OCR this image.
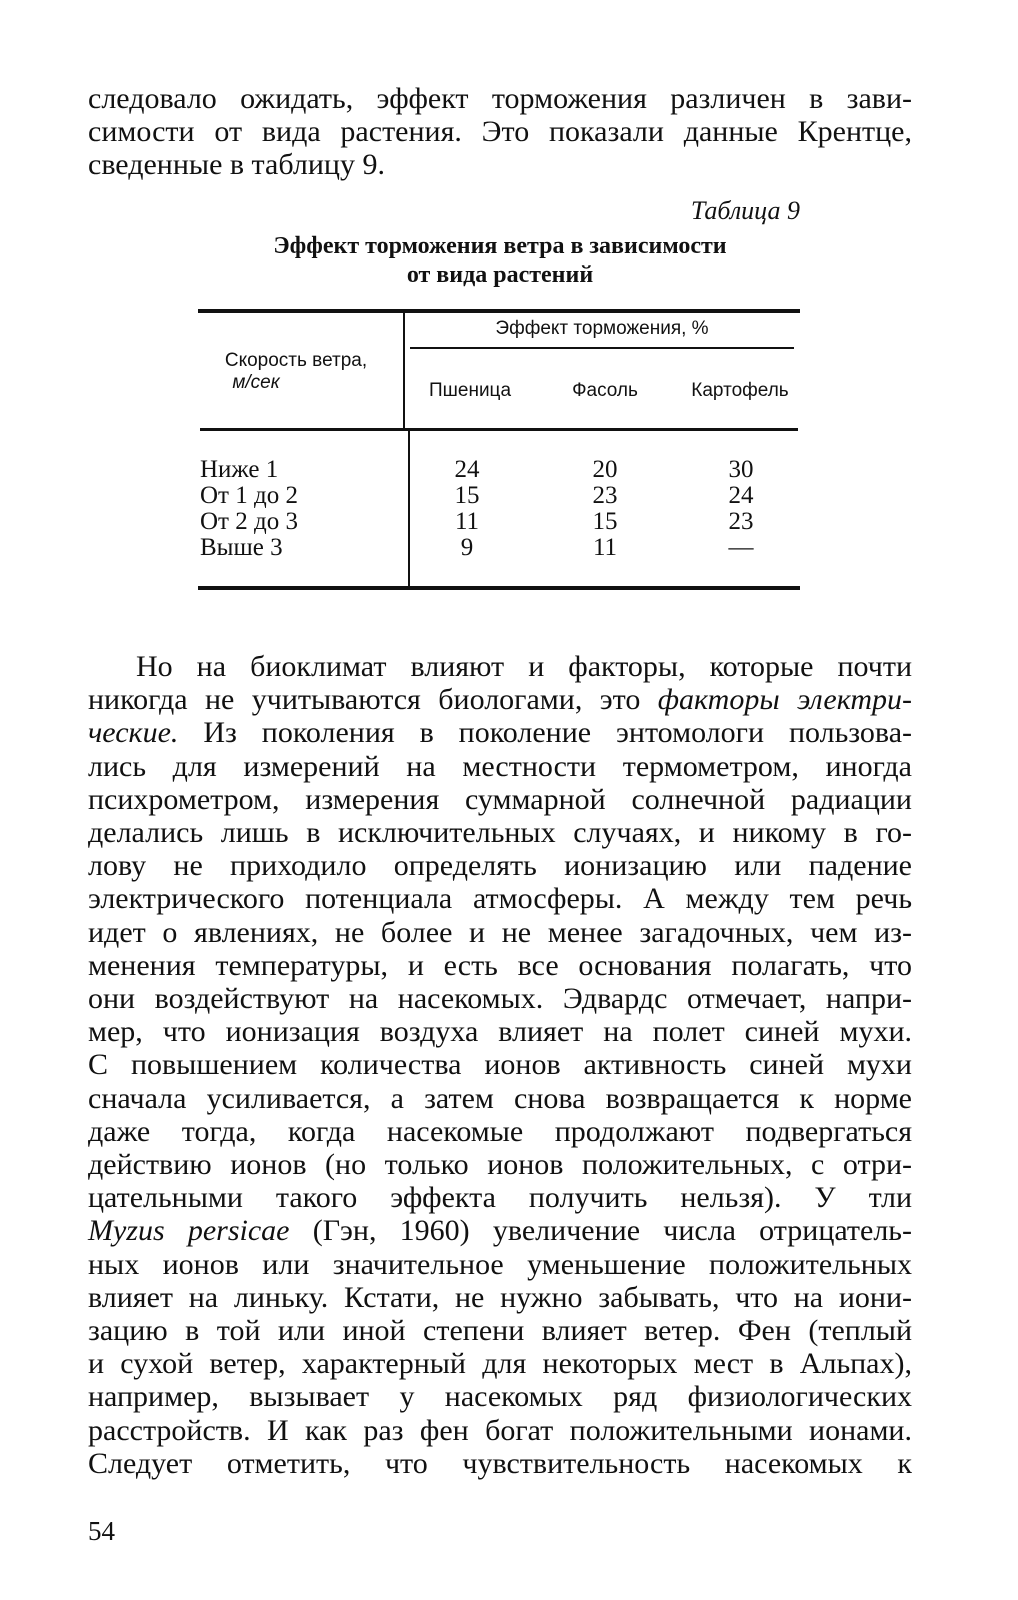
следовало ожидать, эффект торможения различен в зави-
симости от вида растения. Это показали данные Крентце,
сведенные в таблицу 9.

Таблица 9

Эффект торможения ветра в зависимости
от вида растений

Скорость ветра,

м/сек

Эффект торможения, %

Пшеница	Фасоль	Картофель

Ниже 1	24	20	30

От 1 до 2	15	23	24

От 2 до 3	11	15	23

Выше 3	9	11	—

Но на биоклимат влияют и факторы, которые почти
никогда не учитываются биологами, это факторы электри-
ческие. Из поколения в поколение энтомологи пользова-
лись для измерений на местности термометром, иногда
психрометром, измерения суммарной солнечной радиации
делались лишь в исключительных случаях, и никому в го-
лову не приходило определять ионизацию или падение
электрического потенциала атмосферы. А между тем речь
идет о явлениях, не более и не менее загадочных, чем из-
менения температуры, и есть все основания полагать, что
они воздействуют на насекомых. Эдвардс отмечает, напри-
мер, что ионизация воздуха влияет на полет синей мухи.
С повышением количества ионов активность синей мухи
сначала усиливается, а затем снова возвращается к норме
даже тогда, когда насекомые продолжают подвергаться
действию ионов (но только ионов положительных, с отри-
цательными такого эффекта получить нельзя). У тли
Myzus persicae (Гэн, 1960) увеличение числа отрицатель-
ных ионов или значительное уменьшение положительных
влияет на линьку. Кстати, не нужно забывать, что на иони-
зацию в той или иной степени влияет ветер. Фен (теплый
и сухой ветер, характерный для некоторых мест в Альпах),
например, вызывает у насекомых ряд физиологических
расстройств. И как раз фен богат положительными ионами.
Следует отметить, что чувствительность насекомых к

54
